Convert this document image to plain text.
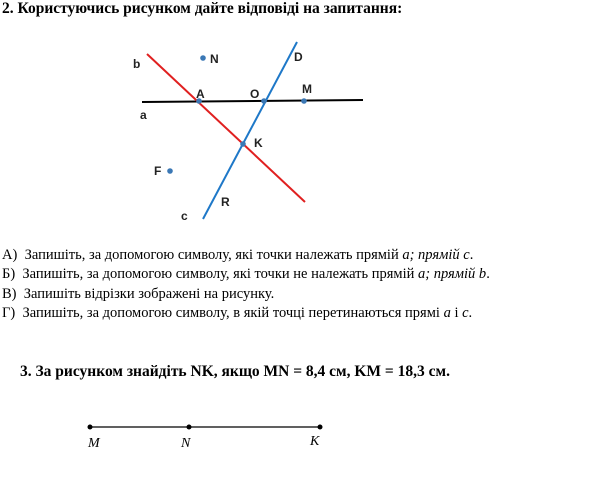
2. Користуючись рисунком дайте відповіді на запитання:
b	N	D
A	O	M
a
K
F
R
c
M	N	K
А) Запишіть, за допомогою символу, які точки належать прямій a; прямій c.
Б) Запишіть, за допомогою символу, які точки не належать прямій a; прямій b.
В) Запишіть відрізки зображені на рисунку.
Г) Запишіть, за допомогою символу, в якій точці перетинаються прямі a і c.
3. За рисунком знайдіть NK, якщо MN = 8,4 см, KM = 18,3 см.
